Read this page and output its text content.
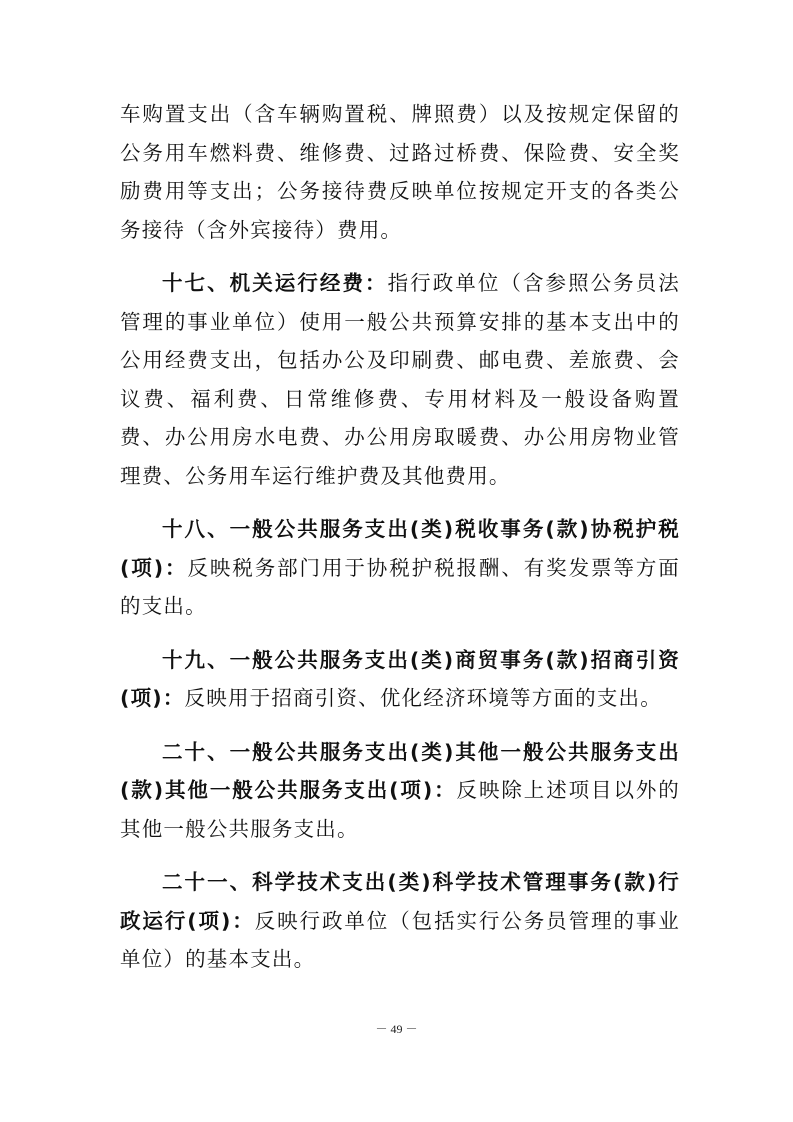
车购置支出（含车辆购置税、牌照费）以及按规定保留的公务用车燃料费、维修费、过路过桥费、保险费、安全奖励费用等支出；公务接待费反映单位按规定开支的各类公务接待（含外宾接待）费用。

十七、机关运行经费：指行政单位（含参照公务员法管理的事业单位）使用一般公共预算安排的基本支出中的公用经费支出，包括办公及印刷费、邮电费、差旅费、会议费、福利费、日常维修费、专用材料及一般设备购置费、办公用房水电费、办公用房取暖费、办公用房物业管理费、公务用车运行维护费及其他费用。

十八、一般公共服务支出(类)税收事务(款)协税护税(项)：反映税务部门用于协税护税报酬、有奖发票等方面的支出。

十九、一般公共服务支出(类)商贸事务(款)招商引资(项)：反映用于招商引资、优化经济环境等方面的支出。

二十、一般公共服务支出(类)其他一般公共服务支出(款)其他一般公共服务支出(项)：反映除上述项目以外的其他一般公共服务支出。

二十一、科学技术支出(类)科学技术管理事务(款)行政运行(项)：反映行政单位（包括实行公务员管理的事业单位）的基本支出。

－ 49 －
